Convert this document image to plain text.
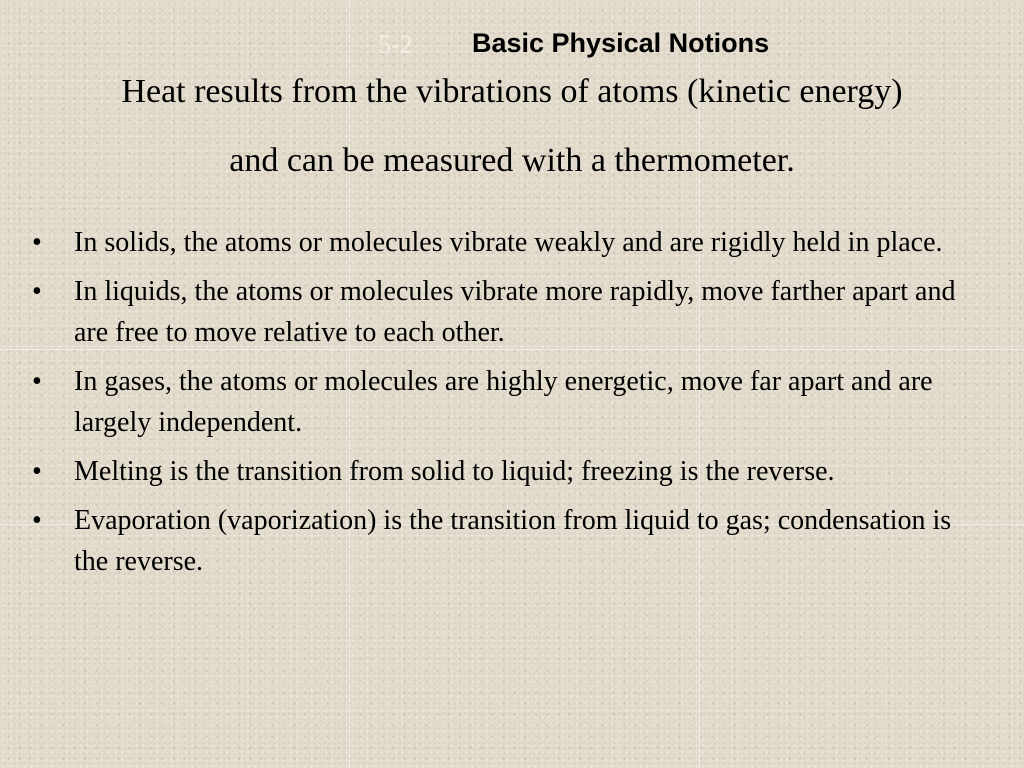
5-2 Basic Physical Notions
Heat results from the vibrations of atoms (kinetic energy)
and can be measured with a thermometer.
• In solids, the atoms or molecules vibrate weakly and are rigidly held in place.
• In liquids, the atoms or molecules vibrate more rapidly, move farther apart and are free to move relative to each other.
• In gases, the atoms or molecules are highly energetic, move far apart and are largely independent.
• Melting is the transition from solid to liquid; freezing is the reverse.
• Evaporation (vaporization) is the transition from liquid to gas; condensation is the reverse.
